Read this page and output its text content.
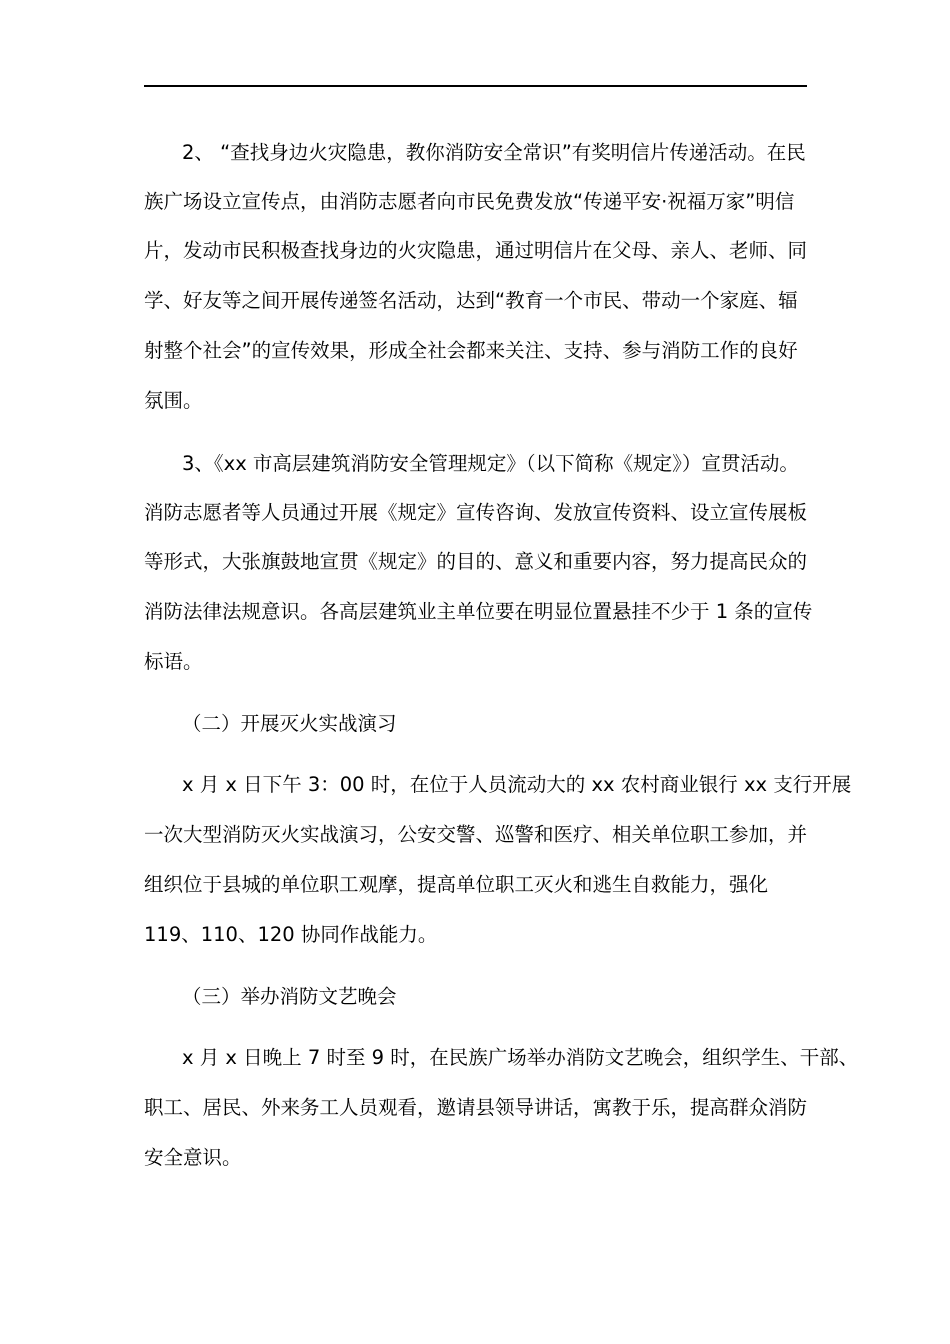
2、 “查找身边火灾隐患，教你消防安全常识”有奖明信片传递活动。在民
族广场设立宣传点，由消防志愿者向市民免费发放“传递平安·祝福万家”明信
片，发动市民积极查找身边的火灾隐患，通过明信片在父母、亲人、老师、同
学、好友等之间开展传递签名活动，达到“教育一个市民、带动一个家庭、辐
射整个社会”的宣传效果，形成全社会都来关注、支持、参与消防工作的良好
氛围。
3、《xx 市高层建筑消防安全管理规定》（以下简称《规定》）宣贯活动。
消防志愿者等人员通过开展《规定》宣传咨询、发放宣传资料、设立宣传展板
等形式，大张旗鼓地宣贯《规定》的目的、意义和重要内容，努力提高民众的
消防法律法规意识。各高层建筑业主单位要在明显位置悬挂不少于 1 条的宣传
标语。
（二）开展灭火实战演习
x 月 x 日下午 3：00 时，在位于人员流动大的 xx 农村商业银行 xx 支行开展
一次大型消防灭火实战演习，公安交警、巡警和医疗、相关单位职工参加，并
组织位于县城的单位职工观摩，提高单位职工灭火和逃生自救能力，强化
119、110、120 协同作战能力。
（三）举办消防文艺晚会
x 月 x 日晚上 7 时至 9 时，在民族广场举办消防文艺晚会，组织学生、干部、
职工、居民、外来务工人员观看，邀请县领导讲话，寓教于乐，提高群众消防
安全意识。
